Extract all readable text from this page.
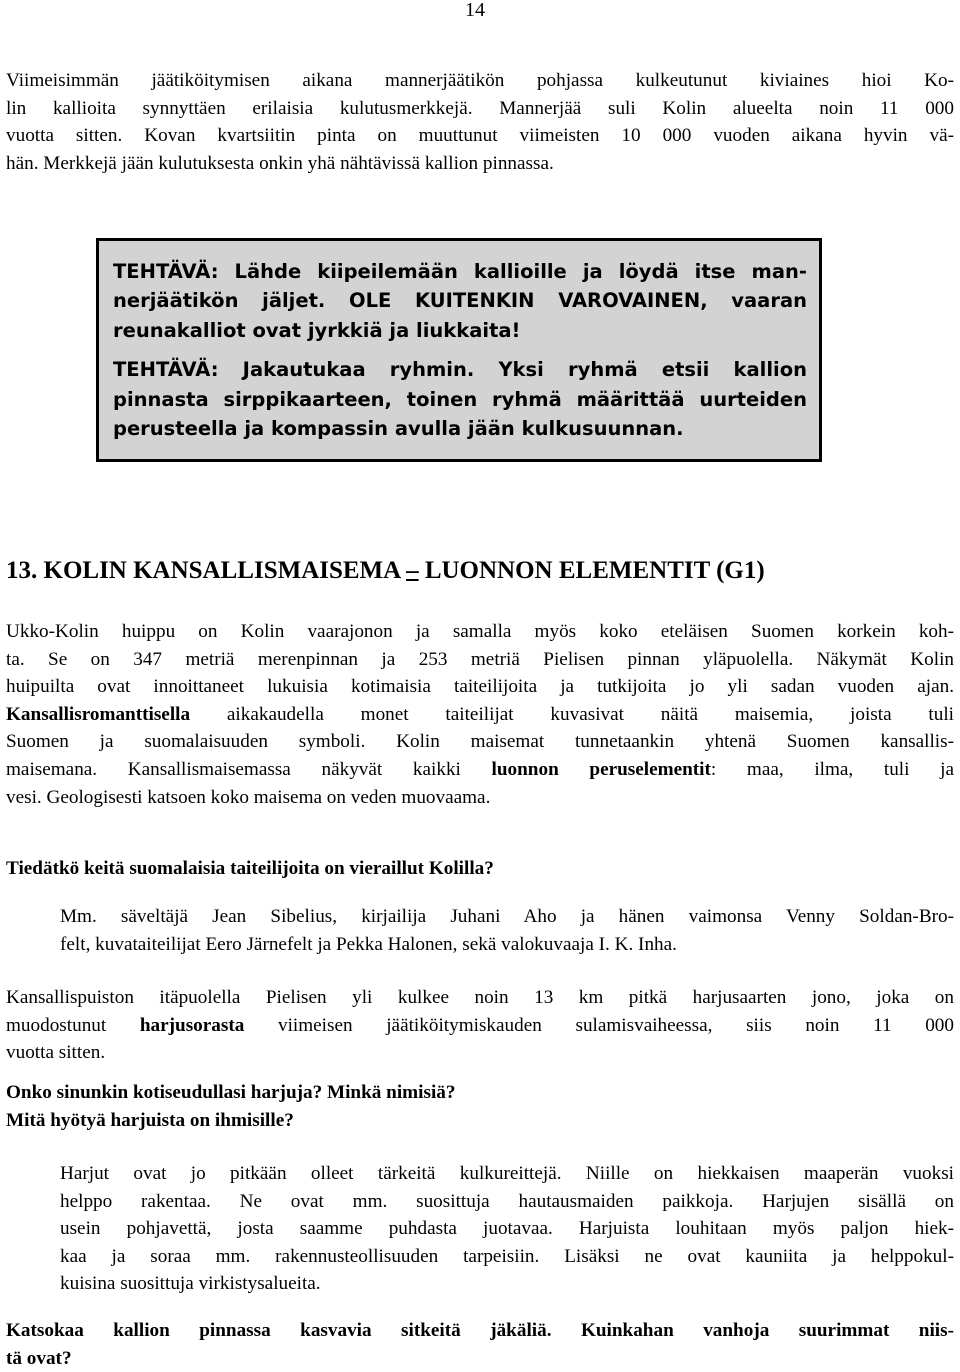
14

Viimeisimmän jäätiköitymisen aikana mannerjäätikön pohjassa kulkeutunut kiviaines hioi Ko-
lin kallioita synnyttäen erilaisia kulutusmerkkejä. Mannerjää suli Kolin alueelta noin 11 000
vuotta sitten. Kovan kvartsiitin pinta on muuttunut viimeisten 10 000 vuoden aikana hyvin vä-
hän. Merkkejä jään kulutuksesta onkin yhä nähtävissä kallion pinnassa.

TEHTÄVÄ: Lähde kiipeilemään kallioille ja löydä itse man-
nerjäätikön jäljet. OLE KUITENKIN VAROVAINEN, vaaran
reunakalliot ovat jyrkkiä ja liukkaita!

TEHTÄVÄ: Jakautukaa ryhmin. Yksi ryhmä etsii kallion
pinnasta sirppikaarteen, toinen ryhmä määrittää uurteiden
perusteella ja kompassin avulla jään kulkusuunnan.

13. KOLIN KANSALLISMAISEMA – LUONNON ELEMENTIT (G1)

Ukko-Kolin huippu on Kolin vaarajonon ja samalla myös koko eteläisen Suomen korkein koh-
ta. Se on 347 metriä merenpinnan ja 253 metriä Pielisen pinnan yläpuolella. Näkymät Kolin
huipuilta ovat innoittaneet lukuisia kotimaisia taiteilijoita ja tutkijoita jo yli sadan vuoden ajan.
Kansallisromanttisella aikakaudella monet taiteilijat kuvasivat näitä maisemia, joista tuli
Suomen ja suomalaisuuden symboli. Kolin maisemat tunnetaankin yhtenä Suomen kansallis-
maisemana. Kansallismaisemassa näkyvät kaikki luonnon peruselementit: maa, ilma, tuli ja
vesi. Geologisesti katsoen koko maisema on veden muovaama.

Tiedätkö keitä suomalaisia taiteilijoita on vieraillut Kolilla?

Mm. säveltäjä Jean Sibelius, kirjailija Juhani Aho ja hänen vaimonsa Venny Soldan-Bro-
felt, kuvataiteilijat Eero Järnefelt ja Pekka Halonen, sekä valokuvaaja I. K. Inha.

Kansallispuiston itäpuolella Pielisen yli kulkee noin 13 km pitkä harjusaarten jono, joka on
muodostunut harjusorasta viimeisen jäätiköitymiskauden sulamisvaiheessa, siis noin 11 000
vuotta sitten.

Onko sinunkin kotiseudullasi harjuja? Minkä nimisiä?

Mitä hyötyä harjuista on ihmisille?

Harjut ovat jo pitkään olleet tärkeitä kulkureittejä. Niille on hiekkaisen maaperän vuoksi
helppo rakentaa. Ne ovat mm. suosittuja hautausmaiden paikkoja. Harjujen sisällä on
usein pohjavettä, josta saamme puhdasta juotavaa. Harjuista louhitaan myös paljon hiek-
kaa ja soraa mm. rakennusteollisuuden tarpeisiin. Lisäksi ne ovat kauniita ja helppokul-
kuisina suosittuja virkistysalueita.

Katsokaa kallion pinnassa kasvavia sitkeitä jäkäliä. Kuinkahan vanhoja suurimmat niis-
tä ovat?
